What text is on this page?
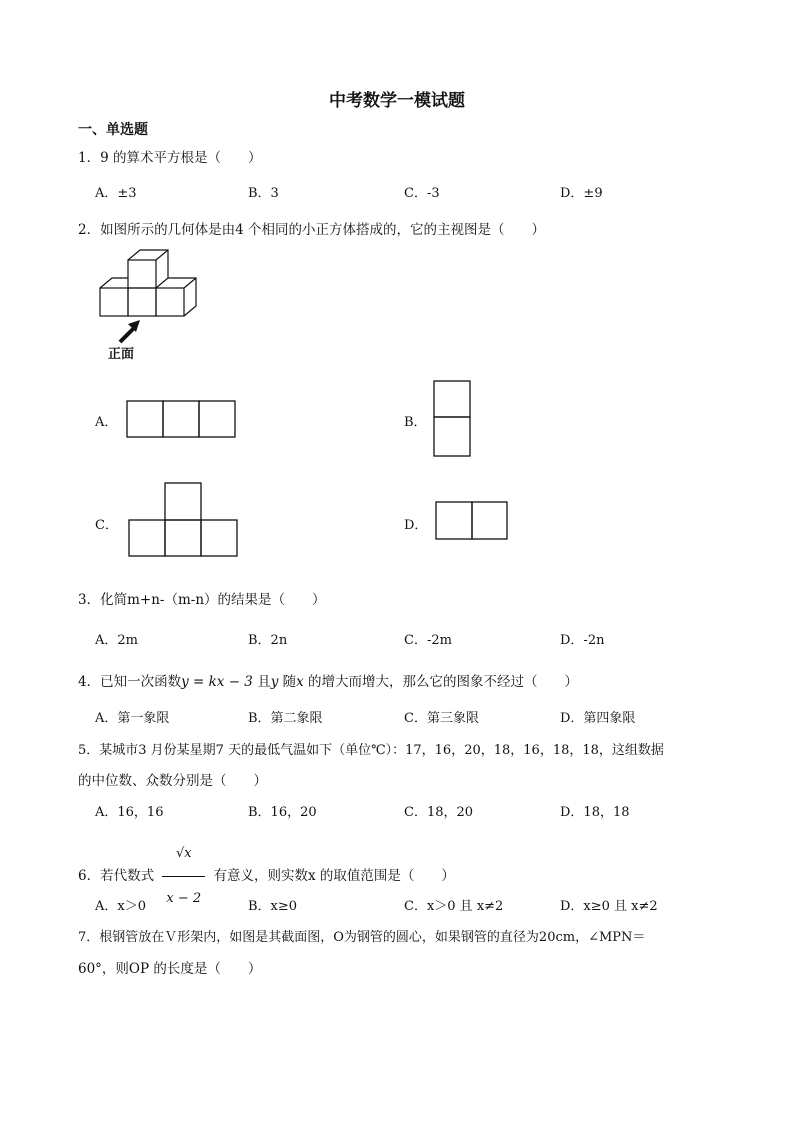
中考数学一模试题
一、单选题
1．9 的算术平方根是（　　）
A．±3	B．3	C．-3	D．±9
2．如图所示的几何体是由4 个相同的小正方体搭成的，它的主视图是（　　）
正面
A．	B．
C．	D．
3．化简m+n-（m-n）的结果是（　　）
A．2m	B．2n	C．-2m	D．-2n
4．已知一次函数y = kx − 3 且y 随x 的增大而增大，那么它的图象不经过（　　）
A．第一象限	B．第二象限	C．第三象限	D．第四象限
5．某城市3 月份某星期7 天的最低气温如下（单位℃）：17，16，20，18，16，18，18，这组数据
的中位数、众数分别是（　　）
A．16，16	B．16，20	C．18，20	D．18，18
6．若代数式 $\frac{√x}{x - 2}$ 有意义，则实数x 的取值范围是（　　）
A．x＞0	B．x≥0	C．x＞0 且 x≠2	D．x≥0 且 x≠2
7．根钢管放在Ｖ形架内，如图是其截面图，O为钢管的圆心，如果钢管的直径为20cm，∠MPN＝
60°，则OP 的长度是（　　）
